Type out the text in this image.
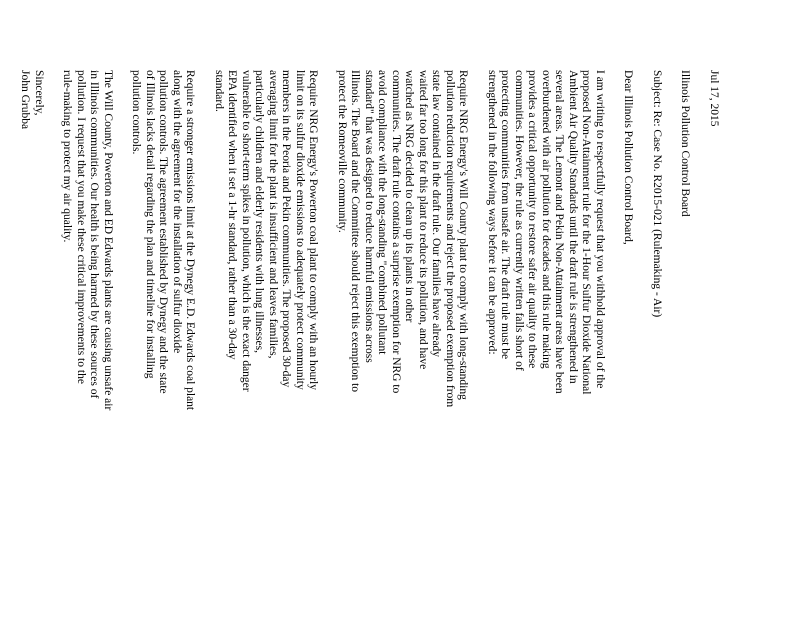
Jul 17, 2015

Illinois Pollution Control Board

Subject: Re: Case No. R2015-021 (Rulemaking - Air)

Dear Illinois Pollution Control Board,

I am writing to respectfully request that you withhold approval of the
proposed Non-Attainment rule for the 1-Hour Sulfur Dioxide National
Ambient Air Quality Standards until the draft rule is strengthened in
several areas. The Lemont and Pekin Non-Attainment areas have been
overburdened with air pollution for decades and this rule making
provides a critical opportunity to restore safer air quality to these
communities. However, the rule as currently written falls short of
protecting communities from unsafe air. The draft rule must be
strengthened in the following ways before it can be approved:

Require NRG Energy's Will County plant to comply with long-standing
pollution reduction requirements and reject the proposed exemption from
state law contained in the draft rule. Our families have already
waited far too long for this plant to reduce its pollution, and have
watched as NRG decided to clean up its plants in other
communities. The draft rule contains a surprise exemption for NRG to
avoid compliance with the long-standing "combined pollutant
standard" that was designed to reduce harmful emissions across
Illinois. The Board and the Committee should reject this exemption to
protect the Romeoville community.

Require NRG Energy's Powerton coal plant to comply with an hourly
limit on its sulfur dioxide emissions to adequately protect community
members in the Peoria and Pekin communities. The proposed 30-day
averaging limit for the plant is insufficient and leaves families,
particularly children and elderly residents with lung illnesses,
vulnerable to short-term spikes in pollution, which is the exact danger
EPA identified when it set a 1-hr standard, rather than a 30-day
standard.

Require a stronger emissions limit at the Dynegy E.D. Edwards coal plant
along with the agreement for the installation of sulfur dioxide
pollution controls. The agreement established by Dynegy and the state
of Illinois lacks detail regarding the plan and timeline for installing
pollution controls.

The Will County, Powerton and ED Edwards plants are causing unsafe air
in Illinois communities. Our health is being harmed by these sources of
pollution. I request that you make these critical improvements to the
rule-making to protect my air quality.

Sincerely,

John Grubba
